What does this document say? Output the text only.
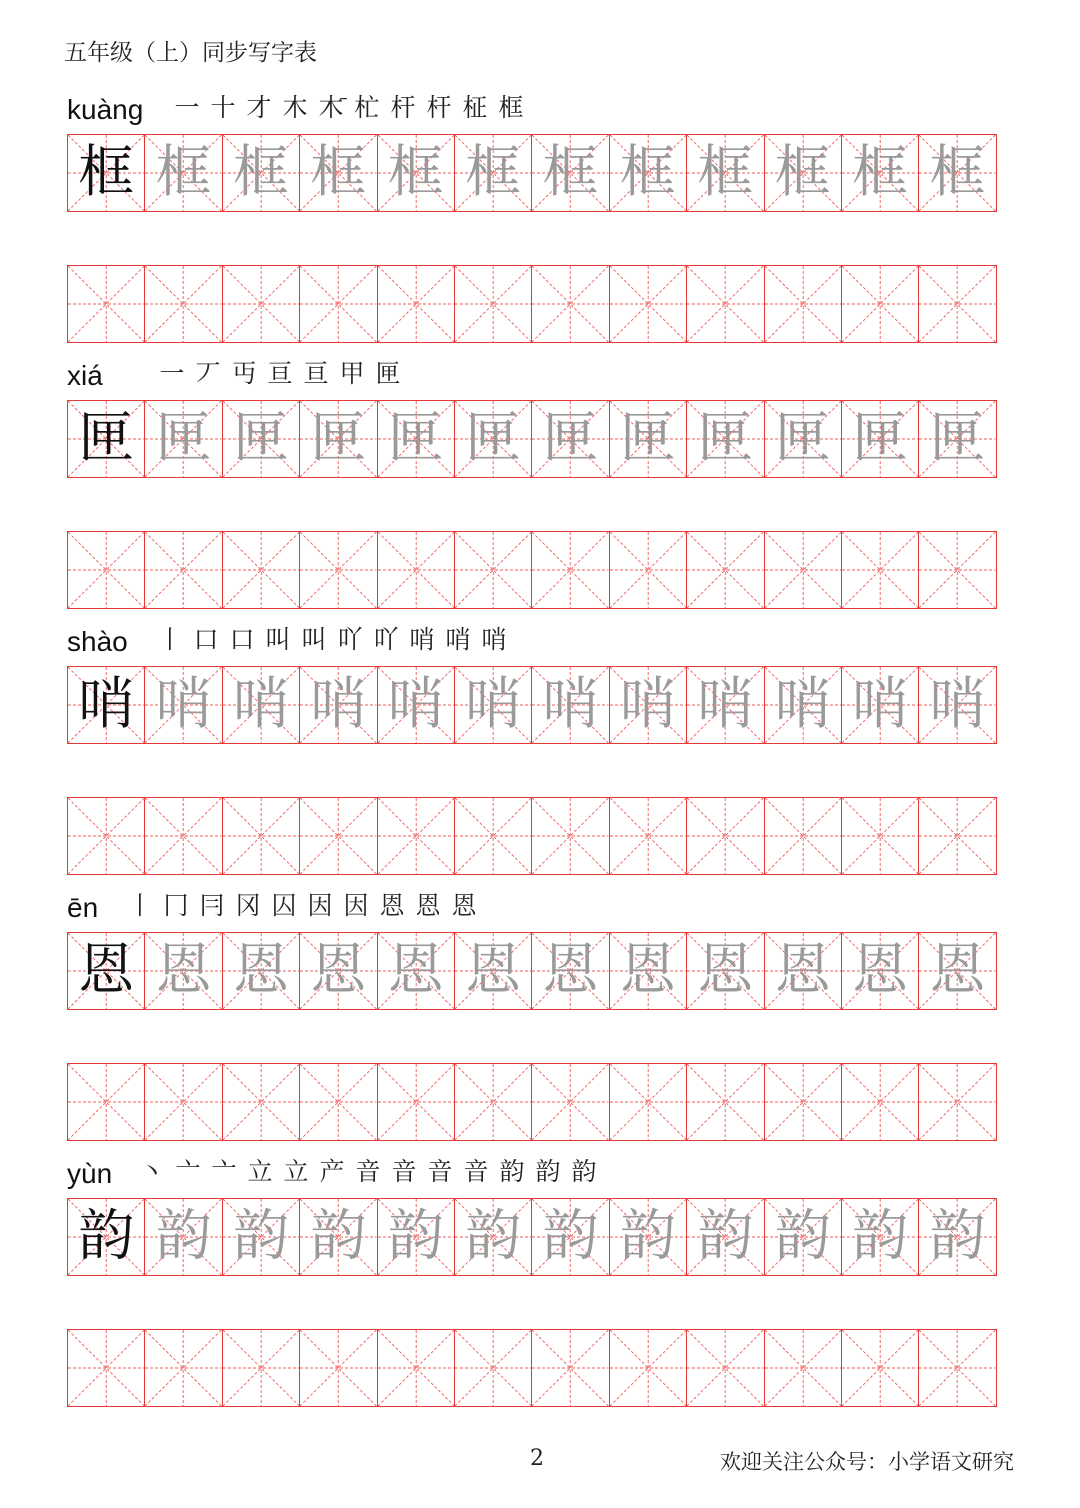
五年级（上）同步写字表
kuàng 一 十 才 木 木̄ 杧 杆 杆 柾 框
框 框 框 框 框 框 框 框 框 框 框 框
xiá 一 丆 丏 亘 亘 甲 匣
匣 匣 匣 匣 匣 匣 匣 匣 匣 匣 匣 匣
shào 丨 口 口 叫 叫 吖 吖 哨 哨 哨
哨 哨 哨 哨 哨 哨 哨 哨 哨 哨 哨 哨
ēn 丨 冂 冃 冈 囚 因 因 恩 恩 恩
恩 恩 恩 恩 恩 恩 恩 恩 恩 恩 恩 恩
yùn 丶 亠 亠 立 立 产 音 音 音 音 韵 韵 韵
韵 韵 韵 韵 韵 韵 韵 韵 韵 韵 韵 韵
2	欢迎关注公众号：小学语文研究
